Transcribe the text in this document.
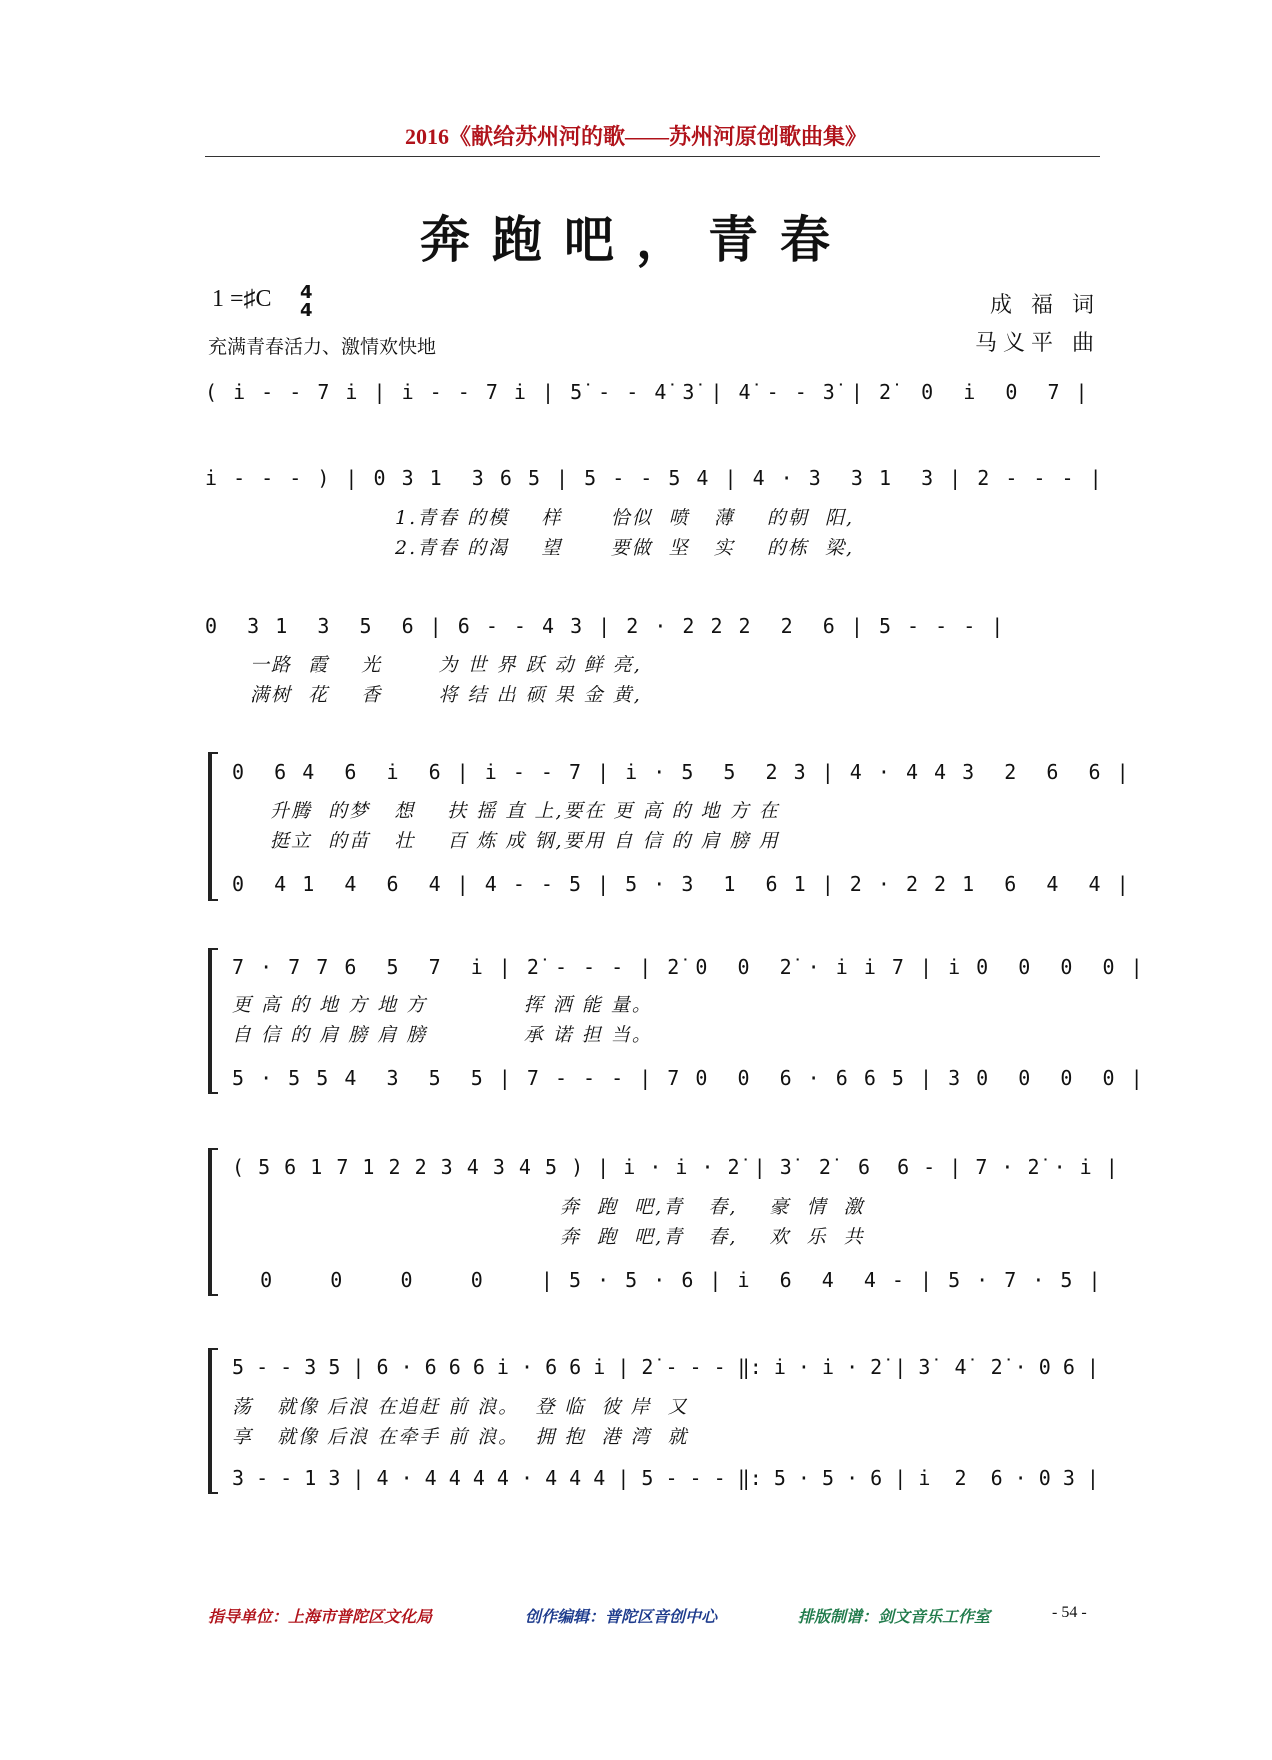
2016《献给苏州河的歌——苏州河原创歌曲集》
奔跑吧，青春
1 =♯C 4
4
充满青春活力、激情欢快地
成 福 词
马义平 曲
( i̇ - - 7 i̇ | i̇ - - 7 i̇ | 5̇ - - 4̇ 3̇ | 4̇ - - 3̇ | 2̇  0  i̇  0  7 |
i̇ - - - ) | 0 3 1  3 6 5 | 5 - - 5 4 | 4 · 3  3 1  3 | 2 - - - |
1.青春 的模    样      恰似  喷   薄    的朝  阳,
2.青春 的渴    望      要做  坚   实    的栋  梁,
0  3 1  3  5  6 | 6 - - 4 3 | 2 · 2 2 2  2  6 | 5 - - - |
一路  霞    光       为 世 界 跃 动 鲜 亮,
满树  花    香       将 结 出 硕 果 金 黄,
0  6 4  6  i̇  6 | i̇ - - 7 | i̇ · 5  5  2 3 | 4 · 4 4 3  2  6  6 |
升腾  的梦   想    扶 摇 直 上,要在 更 高 的 地 方 在
挺立  的苗   壮    百 炼 成 钢,要用 自 信 的 肩 膀 用
0  4 1  4  6  4 | 4 - - 5 | 5 · 3  1  6 1 | 2 · 2 2 1  6  4  4 |
7 · 7 7 6  5  7  i̇ | 2̇ - - - | 2̇ 0  0  2̇ · i̇ i̇ 7 | i̇ 0  0  0  0 |
更 高 的 地 方 地 方            挥 洒 能 量。
自 信 的 肩 膀 肩 膀            承 诺 担 当。
5 · 5 5 4  3  5  5 | 7 - - - | 7 0  0  6 · 6 6 5 | 3 0  0  0  0 |
( 5 6 1 7 1 2 2 3 4 3 4 5 ) | i̇ · i̇ · 2̇ | 3̇  2̇  6  6 - | 7 · 2̇ · i̇ |
奔  跑  吧,青   春,    豪  情  激
奔  跑  吧,青   春,    欢  乐  共
0    0    0    0    | 5 · 5 · 6 | i̇  6  4  4 - | 5 · 7 · 5 |
5 - - 3 5 | 6 · 6 6 6 i̇ · 6 6 i̇ | 2̇ - - - ‖: i̇ · i̇ · 2̇ | 3̇  4̇  2̇ · 0 6 |
荡   就像 后浪 在追赶 前 浪。  登 临  彼 岸  又
享   就像 后浪 在牵手 前 浪。  拥 抱  港 湾  就
3 - - 1 3 | 4 · 4 4 4 4 · 4 4 4 | 5 - - - ‖: 5 · 5 · 6 | i̇  2  6 · 0 3 |
指导单位：上海市普陀区文化局	创作编辑：普陀区音创中心	排版制谱：剑文音乐工作室	- 54 -
